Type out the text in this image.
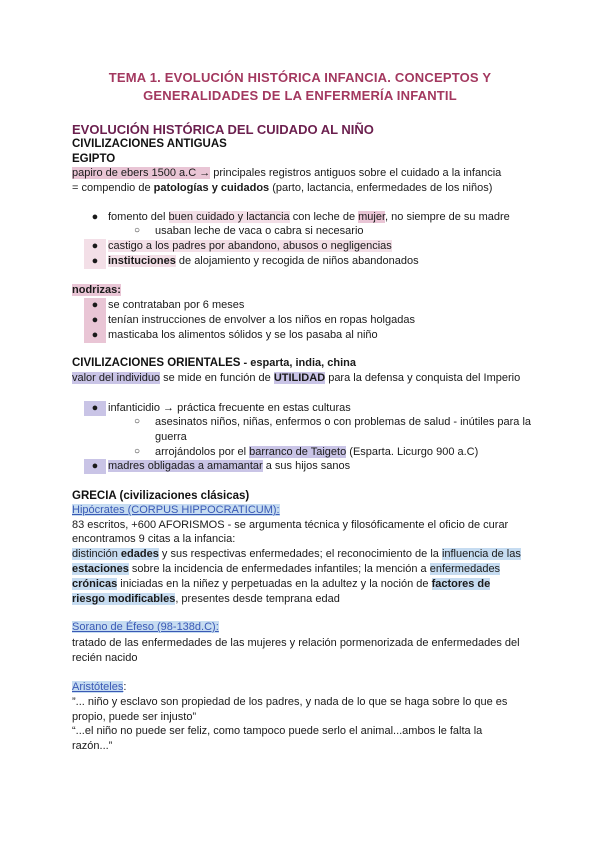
TEMA 1. EVOLUCIÓN HISTÓRICA INFANCIA. CONCEPTOS Y
GENERALIDADES DE LA ENFERMERÍA INFANTIL
EVOLUCIÓN HISTÓRICA DEL CUIDADO AL NIÑO
CIVILIZACIONES ANTIGUAS
EGIPTO
papiro de ebers 1500 a.C → principales registros antiguos sobre el cuidado a la infancia
= compendio de patologías y cuidados (parto, lactancia, enfermedades de los niños)
● fomento del buen cuidado y lactancia con leche de mujer, no siempre de su madre
○ usaban leche de vaca o cabra si necesario
● castigo a los padres por abandono, abusos o negligencias
● instituciones de alojamiento y recogida de niños abandonados
nodrizas:
● se contrataban por 6 meses
● tenían instrucciones de envolver a los niños en ropas holgadas
● masticaba los alimentos sólidos y se los pasaba al niño
CIVILIZACIONES ORIENTALES - esparta, india, china
valor del individuo se mide en función de UTILIDAD para la defensa y conquista del Imperio
● infanticidio → práctica frecuente en estas culturas
○ asesinatos niños, niñas, enfermos o con problemas de salud - inútiles para la
guerra
○ arrojándolos por el barranco de Taigeto (Esparta. Licurgo 900 a.C)
● madres obligadas a amamantar a sus hijos sanos
GRECIA (civilizaciones clásicas)
Hipócrates (CORPUS HIPPOCRATICUM):
83 escritos, +600 AFORISMOS - se argumenta técnica y filosóficamente el oficio de curar
encontramos 9 citas a la infancia:
distinción edades y sus respectivas enfermedades; el reconocimiento de la influencia de las
estaciones sobre la incidencia de enfermedades infantiles; la mención a enfermedades
crónicas iniciadas en la niñez y perpetuadas en la adultez y la noción de factores de
riesgo modificables, presentes desde temprana edad
Sorano de Éfeso (98-138d.C):
tratado de las enfermedades de las mujeres y relación pormenorizada de enfermedades del
recién nacido
Aristóteles:
”... niño y esclavo son propiedad de los padres, y nada de lo que se haga sobre lo que es
propio, puede ser injusto”
“...el niño no puede ser feliz, como tampoco puede serlo el animal...ambos le falta la
razón...”
